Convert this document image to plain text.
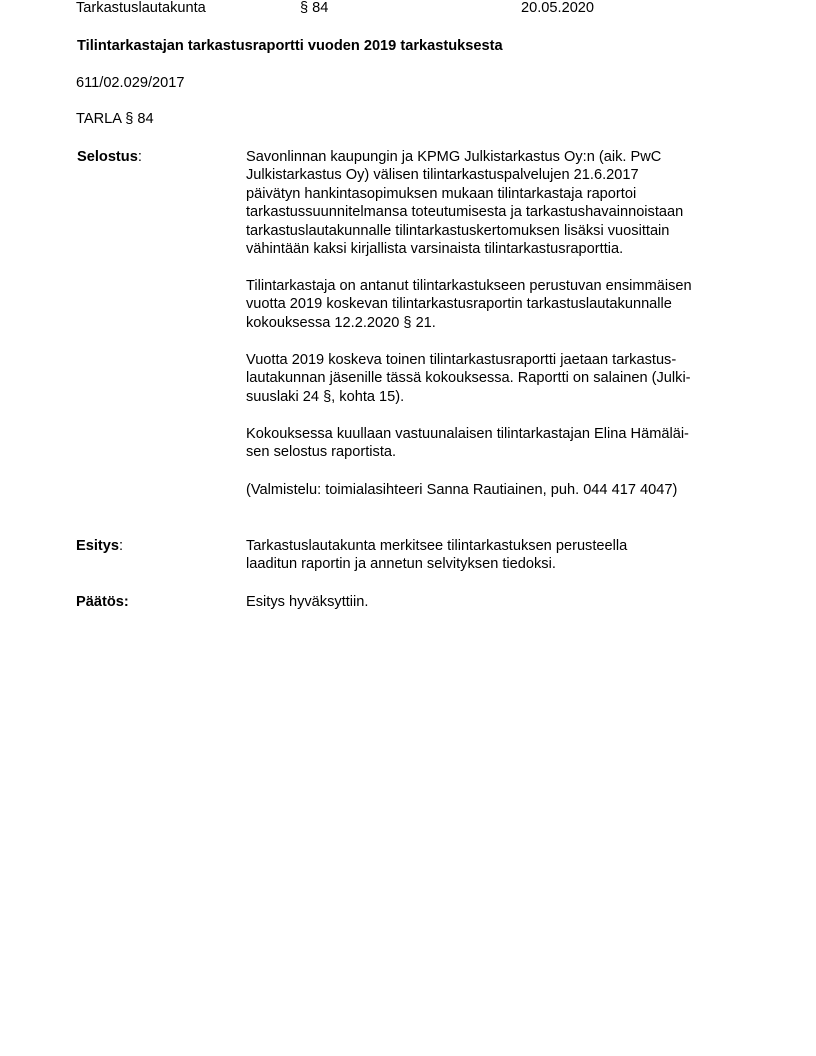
Tarkastuslautakunta	§ 84	20.05.2020
Tilintarkastajan tarkastusraportti vuoden 2019 tarkastuksesta
611/02.029/2017
TARLA § 84
Selostus:	Savonlinnan kaupungin ja KPMG Julkistarkastus Oy:n (aik. PwC
Julkistarkastus Oy) välisen tilintarkastuspalvelujen 21.6.2017
päivätyn hankintasopimuksen mukaan tilintarkastaja raportoi
tarkastussuunnitelmansa toteutumisesta ja tarkastushavainnoistaan
tarkastuslautakunnalle tilintarkastuskertomuksen lisäksi vuosittain
vähintään kaksi kirjallista varsinaista tilintarkastusraporttia.
Tilintarkastaja on antanut tilintarkastukseen perustuvan ensimmäisen
vuotta 2019 koskevan tilintarkastusraportin tarkastuslautakunnalle
kokouksessa 12.2.2020 § 21.
Vuotta 2019 koskeva toinen tilintarkastusraportti jaetaan tarkastus-
lautakunnan jäsenille tässä kokouksessa. Raportti on salainen (Julki-
suuslaki 24 §, kohta 15).
Kokouksessa kuullaan vastuunalaisen tilintarkastajan Elina Hämäläi-
sen selostus raportista.
(Valmistelu: toimialasihteeri Sanna Rautiainen, puh. 044 417 4047)
Esitys:	Tarkastuslautakunta merkitsee tilintarkastuksen perusteella
laaditun raportin ja annetun selvityksen tiedoksi.
Päätös:	Esitys hyväksyttiin.
